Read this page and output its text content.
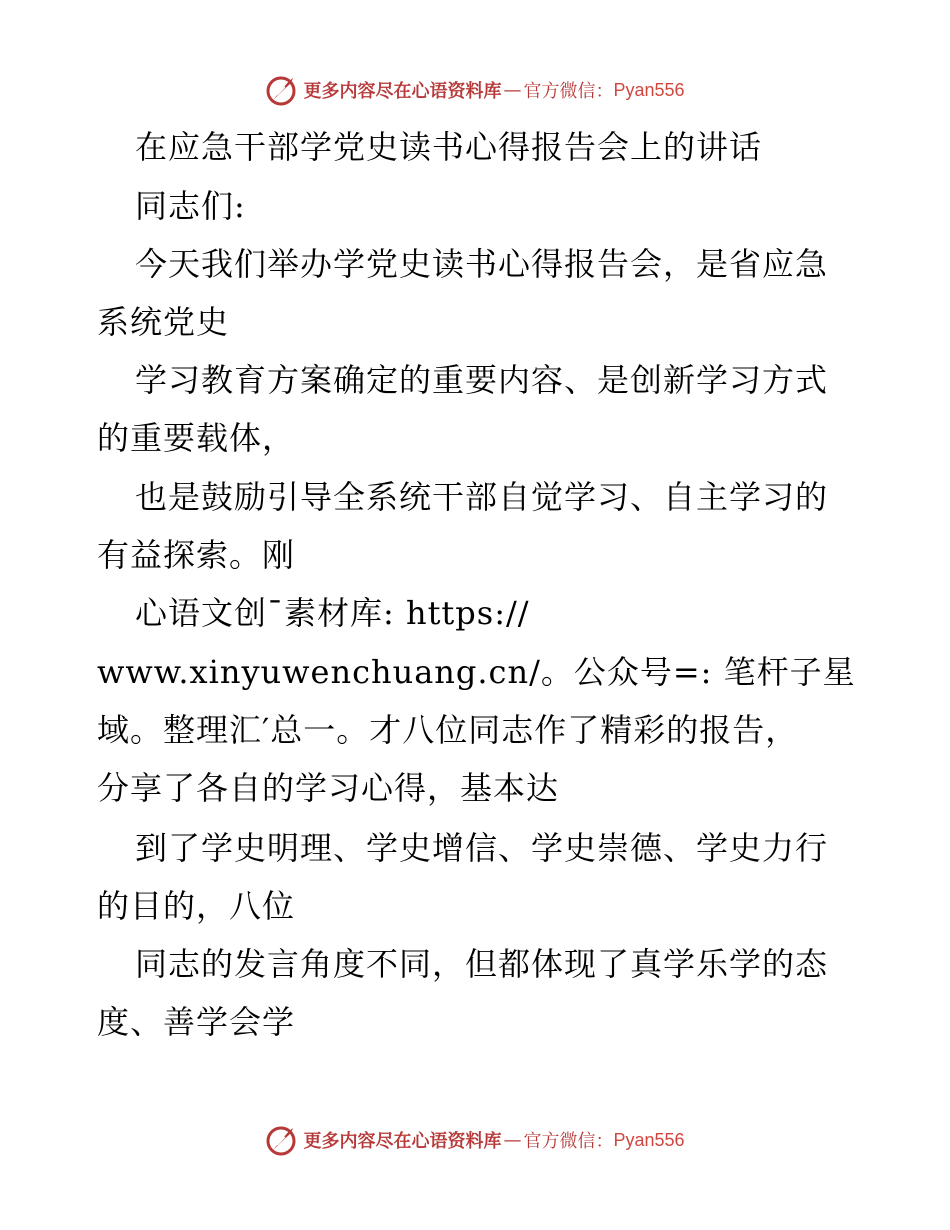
更多内容尽在心语资料库 — 官方微信： Pyan556
在应急干部学党史读书心得报告会上的讲话
同志们:
今天我们举办学党史读书心得报告会，是省应急
系统党史
学习教育方案确定的重要内容、是创新学习方式
的重要载体，
也是鼓励引导全系统干部自觉学习、自主学习的
有益探索。刚
心语文创¯素材库: https://
www.xinyuwenchuang.cn/。公众号=: 笔杆子星
域。整理汇′总一。才八位同志作了精彩的报告，
分享了各自的学习心得，基本达
到了学史明理、学史增信、学史崇德、学史力行
的目的，八位
同志的发言角度不同，但都体现了真学乐学的态
度、善学会学
更多内容尽在心语资料库 — 官方微信： Pyan556
